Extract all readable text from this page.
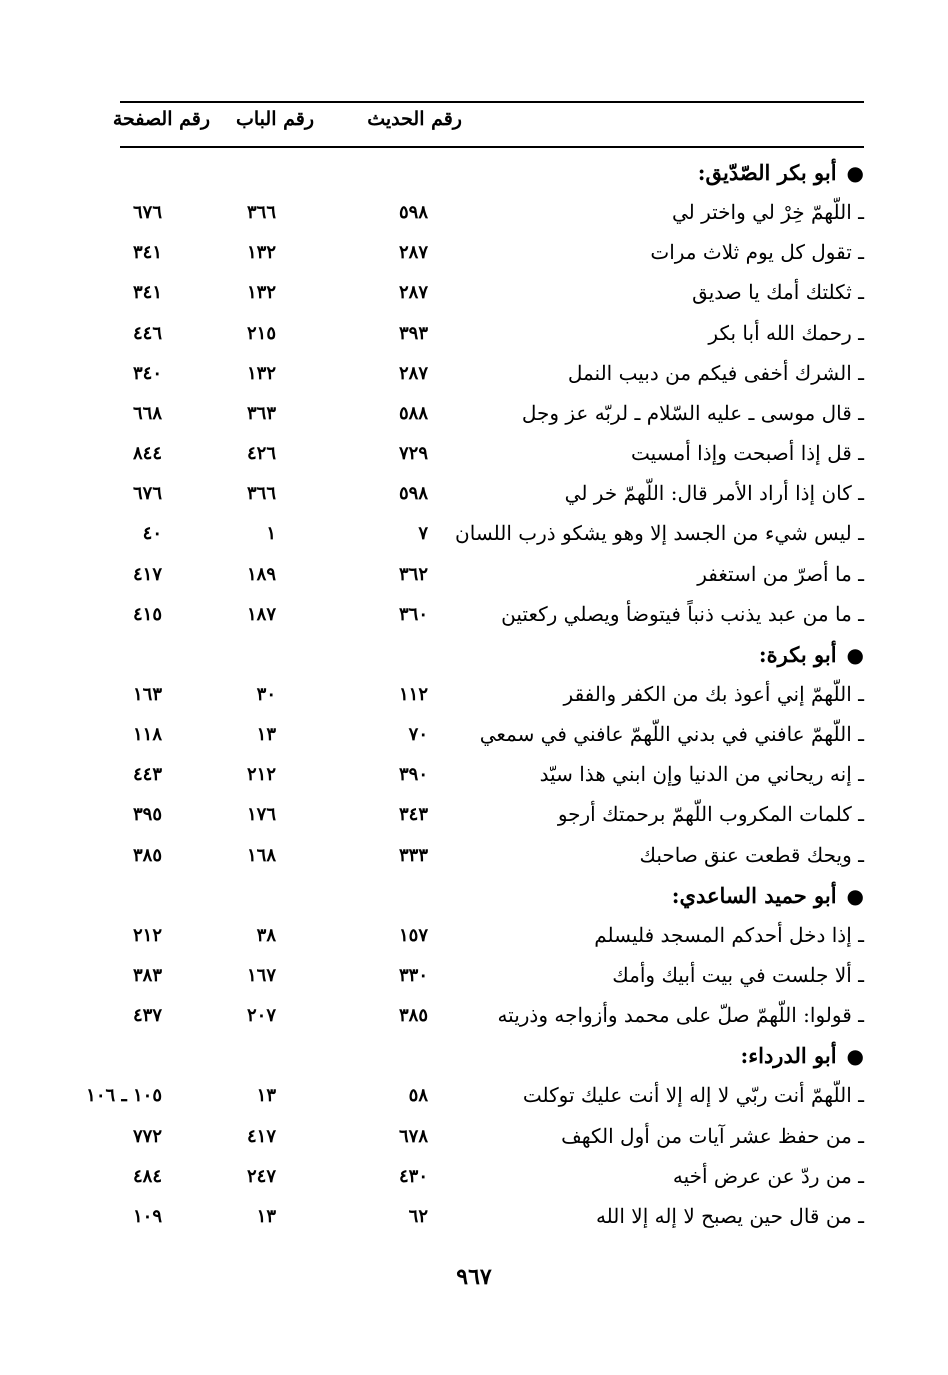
رقم الحديث
رقم الباب
رقم الصفحة
●أبو بكر الصّدّيق:
ـ اللّهمّ خِرْ لي واختر لي
٥٩٨
٣٦٦
٦٧٦
ـ تقول كل يوم ثلاث مرات
٢٨٧
١٣٢
٣٤١
ـ ثكلتك أمك يا صديق
٢٨٧
١٣٢
٣٤١
ـ رحمك الله أبا بكر
٣٩٣
٢١٥
٤٤٦
ـ الشرك أخفى فيكم من دبيب النمل
٢٨٧
١٣٢
٣٤٠
ـ قال موسى ـ عليه السّلام ـ لربّه عز وجل
٥٨٨
٣٦٣
٦٦٨
ـ قل إذا أصبحت وإذا أمسيت
٧٢٩
٤٢٦
٨٤٤
ـ كان إذا أراد الأمر قال: اللّهمّ خر لي
٥٩٨
٣٦٦
٦٧٦
ـ ليس شيء من الجسد إلا وهو يشكو ذرب اللسان
٧
١
٤٠
ـ ما أصرّ من استغفر
٣٦٢
١٨٩
٤١٧
ـ ما من عبد يذنب ذنباً فيتوضأ ويصلي ركعتين
٣٦٠
١٨٧
٤١٥
●أبو بكرة:
ـ اللّهمّ إني أعوذ بك من الكفر والفقر
١١٢
٣٠
١٦٣
ـ اللّهمّ عافني في بدني اللّهمّ عافني في سمعي
٧٠
١٣
١١٨
ـ إنه ريحاني من الدنيا وإن ابني هذا سيّد
٣٩٠
٢١٢
٤٤٣
ـ كلمات المكروب اللّهمّ برحمتك أرجو
٣٤٣
١٧٦
٣٩٥
ـ ويحك قطعت عنق صاحبك
٣٣٣
١٦٨
٣٨٥
●أبو حميد الساعدي:
ـ إذا دخل أحدكم المسجد فليسلم
١٥٧
٣٨
٢١٢
ـ ألا جلست في بيت أبيك وأمك
٣٣٠
١٦٧
٣٨٣
ـ قولوا: اللّهمّ صلّ على محمد وأزواجه وذريته
٣٨٥
٢٠٧
٤٣٧
●أبو الدرداء:
ـ اللّهمّ أنت ربّي لا إله إلا أنت عليك توكلت
٥٨
١٣
١٠٥ ـ ١٠٦
ـ من حفظ عشر آيات من أول الكهف
٦٧٨
٤١٧
٧٧٢
ـ من ردّ عن عرض أخيه
٤٣٠
٢٤٧
٤٨٤
ـ من قال حين يصبح لا إله إلا الله
٦٢
١٣
١٠٩
٩٦٧
